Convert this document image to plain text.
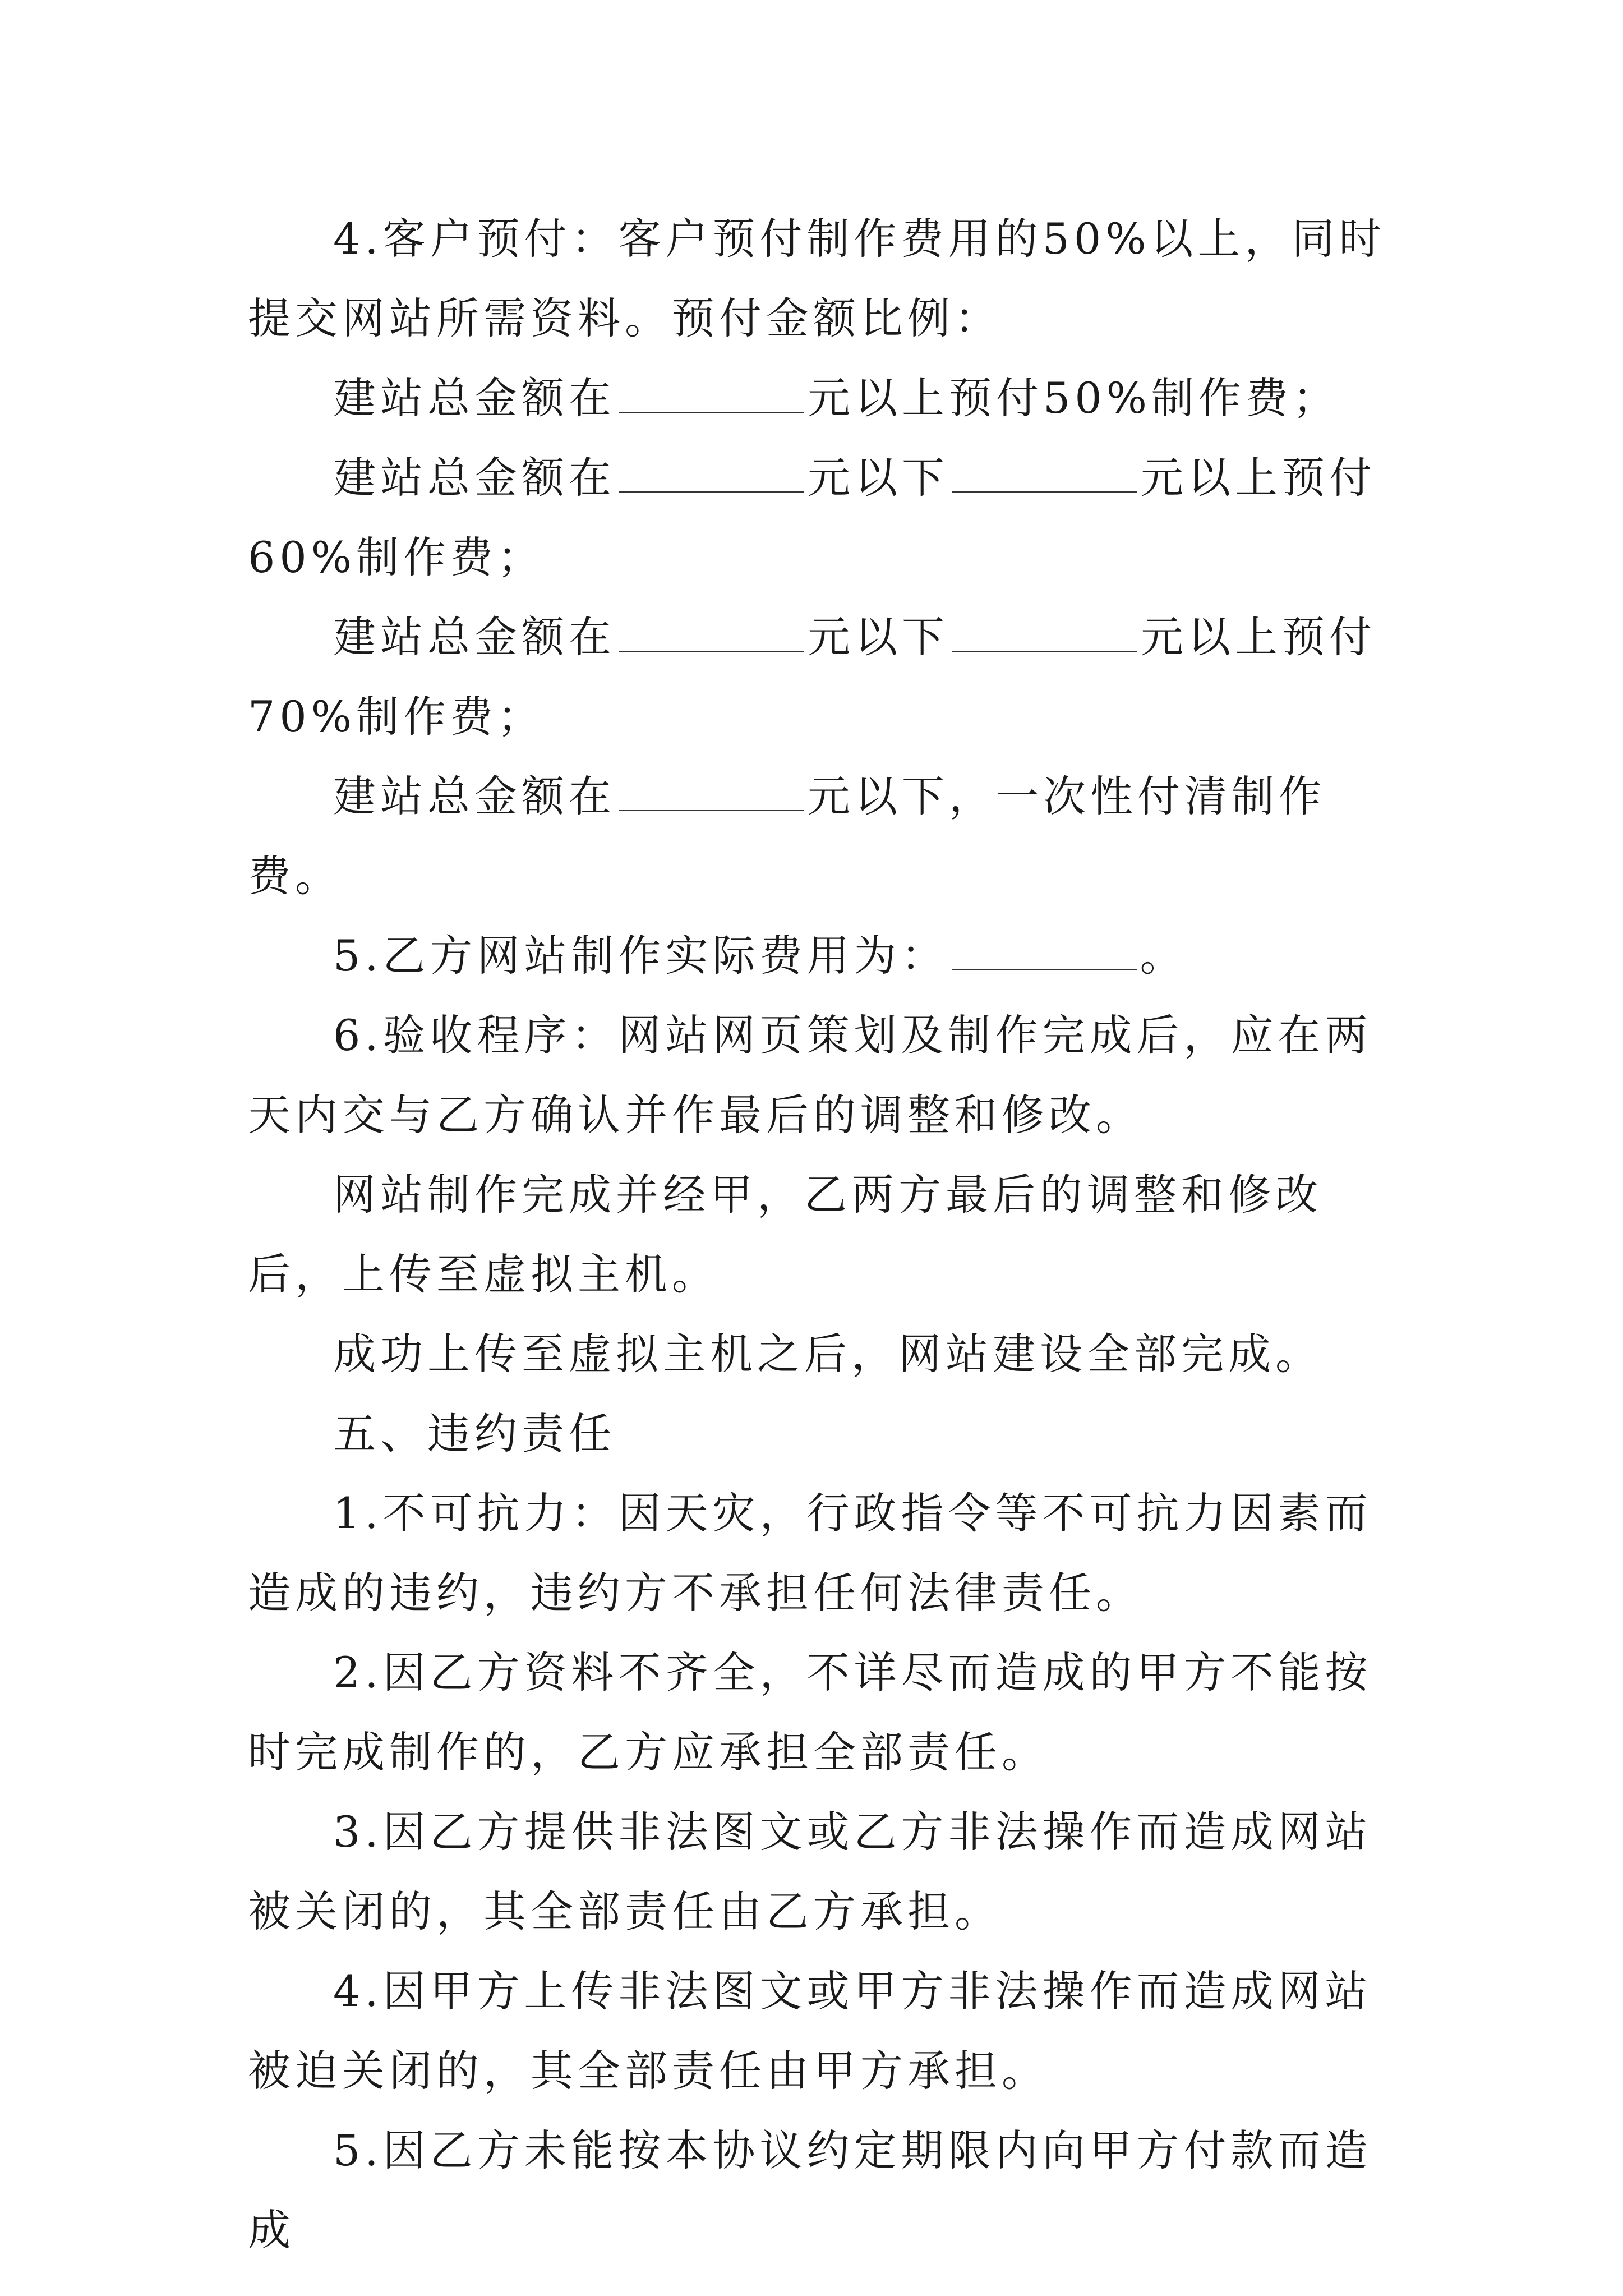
4.客户预付：客户预付制作费用的50%以上，同时提交网站所需资料。预付金额比例：

建站总金额在	元以上预付50%制作费；

建站总金额在	元以下	元以上预付60%制作费；

建站总金额在	元以下	元以上预付70%制作费；

建站总金额在	元以下，一次性付清制作费。

5.乙方网站制作实际费用为：	。

6.验收程序：网站网页策划及制作完成后，应在两天内交与乙方确认并作最后的调整和修改。

网站制作完成并经甲，乙两方最后的调整和修改后，上传至虚拟主机。

成功上传至虚拟主机之后，网站建设全部完成。

五、违约责任

1.不可抗力：因天灾，行政指令等不可抗力因素而造成的违约，违约方不承担任何法律责任。

2.因乙方资料不齐全，不详尽而造成的甲方不能按时完成制作的，乙方应承担全部责任。

3.因乙方提供非法图文或乙方非法操作而造成网站被关闭的，其全部责任由乙方承担。

4.因甲方上传非法图文或甲方非法操作而造成网站被迫关闭的，其全部责任由甲方承担。

5.因乙方未能按本协议约定期限内向甲方付款而造成
